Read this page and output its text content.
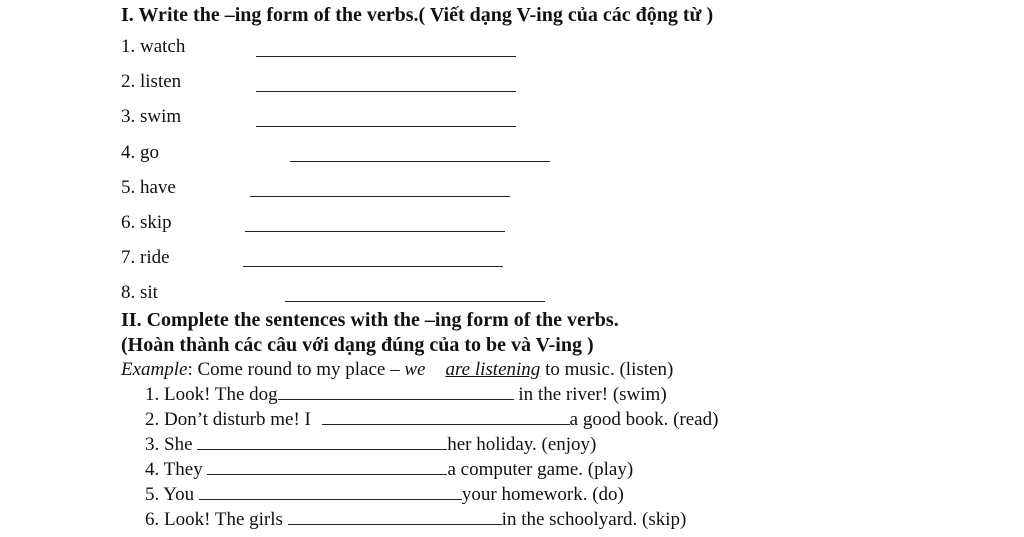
I. Write the –ing form of the verbs.( Viết dạng V-ing của các động từ )
1. watch
2. listen
3. swim
4. go
5. have
6. skip
7. ride
8. sit
II. Complete the sentences with the –ing form of the verbs.
(Hoàn thành các câu với dạng đúng của to be và V-ing )
Example: Come round to my place – we are listening to music. (listen)
1. Look! The dog	in the river! (swim)
2. Don’t disturb me! I	a good book. (read)
3. She	her holiday. (enjoy)
4. They	a computer game. (play)
5. You	your homework. (do)
6. Look! The girls	in the schoolyard. (skip)
